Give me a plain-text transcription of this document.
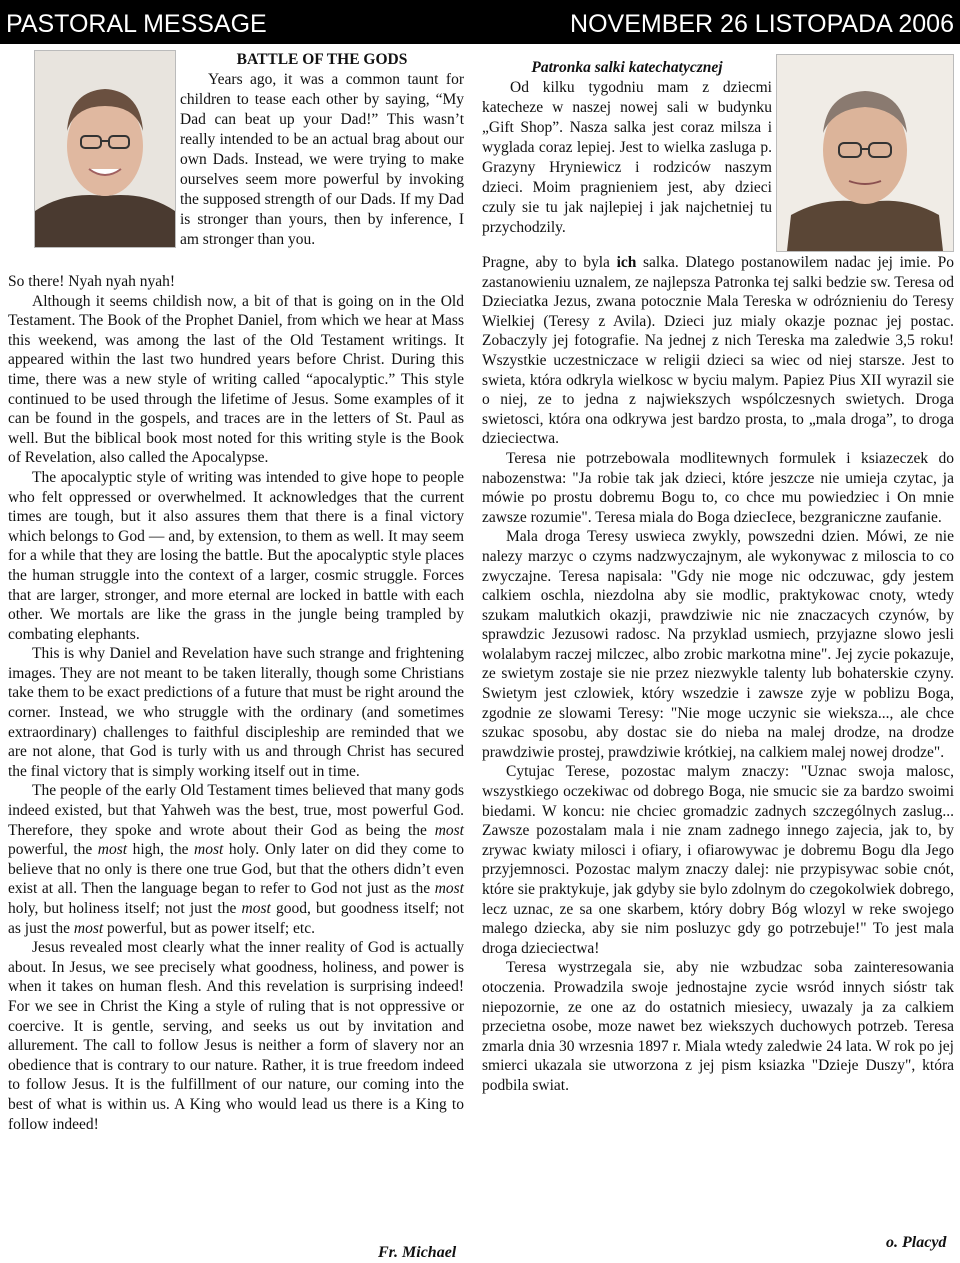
PASTORAL MESSAGE	NOVEMBER 26 LISTOPADA 2006
BATTLE OF THE GODS

Years ago, it was a common taunt for children to tease each other by saying, “My Dad can beat up your Dad!” This wasn’t really intended to be an actual brag about our own Dads. Instead, we were trying to make ourselves seem more powerful by invoking the supposed strength of our Dads. If my Dad is stronger than yours, then by inference, I am stronger than you.

Patronka salki katechatycznej

Od kilku tygodniu mam z dziecmi katecheze w naszej nowej sali w budynku „Gift Shop”. Nasza salka jest coraz milsza i wyglada coraz lepiej. Jest to wielka zasluga p. Grazyny Hryniewicz i rodziców naszym dzieci. Moim pragnieniem jest, aby dzieci czuly sie tu jak najlepiej i jak najchetniej tu przychodzily.

So there! Nyah nyah nyah!

Although it seems childish now, a bit of that is going on in the Old Testament. The Book of the Prophet Daniel, from which we hear at Mass this weekend, was among the last of the Old Testament writings. It appeared within the last two hundred years before Christ. During this time, there was a new style of writing called “apocalyptic.” This style continued to be used through the lifetime of Jesus. Some examples of it can be found in the gospels, and traces are in the letters of St. Paul as well. But the biblical book most noted for this writing style is the Book of Revelation, also called the Apocalypse.

The apocalyptic style of writing was intended to give hope to people who felt oppressed or overwhelmed. It acknowledges that the current times are tough, but it also assures them that there is a final victory which belongs to God — and, by extension, to them as well. It may seem for a while that they are losing the battle. But the apocalyptic style places the human struggle into the context of a larger, cosmic struggle. Forces that are larger, stronger, and more eternal are locked in battle with each other. We mortals are like the grass in the jungle being trampled by combating elephants.

This is why Daniel and Revelation have such strange and frightening images. They are not meant to be taken literally, though some Christians take them to be exact predictions of a future that must be right around the corner. Instead, we who struggle with the ordinary (and sometimes extraordinary) challenges to faithful discipleship are reminded that we are not alone, that God is turly with us and through Christ has secured the final victory that is simply working itself out in time.

The people of the early Old Testament times believed that many gods indeed existed, but that Yahweh was the best, true, most powerful God. Therefore, they spoke and wrote about their God as being the most powerful, the most high, the most holy. Only later on did they come to believe that no only is there one true God, but that the others didn’t even exist at all. Then the language began to refer to God not just as the most holy, but holiness itself; not just the most good, but goodness itself; not as just the most powerful, but as power itself; etc.

Jesus revealed most clearly what the inner reality of God is actually about. In Jesus, we see precisely what goodness, holiness, and power is when it takes on human flesh. And this revelation is surprising indeed! For we see in Christ the King a style of ruling that is not oppressive or coercive. It is gentle, serving, and seeks us out by invitation and allurement. The call to follow Jesus is neither a form of slavery nor an obedience that is contrary to our nature. Rather, it is true freedom indeed to follow Jesus. It is the fulfillment of our nature, our coming into the best of what is within us. A King who would lead us there is a King to follow indeed!

Fr. Michael

Pragne, aby to byla ich salka. Dlatego postanowilem nadac jej imie. Po zastanowieniu uznalem, ze najlepsza Patronka tej salki bedzie sw. Teresa od Dzieciatka Jezus, zwana potocznie Mala Tereska w odróznieniu do Teresy Wielkiej (Teresy z Avila). Dzieci juz mialy okazje poznac jej postac. Zobaczyly jej fotografie. Na jednej z nich Tereska ma zaledwie 3,5 roku! Wszystkie uczestniczace w religii dzieci sa wiec od niej starsze. Jest to swieta, która odkryla wielkosc w byciu malym. Papiez Pius XII wyrazil sie o niej, ze to jedna z najwiekszych wspólczesnych swietych. Droga swietosci, która ona odkrywa jest bardzo prosta, to „mala droga”, to droga dzieciectwa.

Teresa nie potrzebowala modlitewnych formulek i ksiazeczek do nabozenstwa: "Ja robie tak jak dzieci, które jeszcze nie umieja czytac, ja mówie po prostu dobremu Bogu to, co chce mu powiedziec i On mnie zawsze rozumie". Teresa miala do Boga dziecIece, bezgraniczne zaufanie.

Mala droga Teresy uswieca zwykly, powszedni dzien. Mówi, ze nie nalezy marzyc o czyms nadzwyczajnym, ale wykonywac z miloscia to co zwyczajne. Teresa napisala: "Gdy nie moge nic odczuwac, gdy jestem calkiem oschla, niezdolna aby sie modlic, praktykowac cnoty, wtedy szukam malutkich okazji, prawdziwie nic nie znaczacych czynów, by sprawdzic Jezusowi radosc. Na przyklad usmiech, przyjazne slowo jesli wolalabym raczej milczec, albo zrobic markotna mine". Jej zycie pokazuje, ze swietym zostaje sie nie przez niezwykle talenty lub bohaterskie czyny. Swietym jest czlowiek, który wszedzie i zawsze zyje w poblizu Boga, zgodnie ze slowami Teresy: "Nie moge uczynic sie wieksza..., ale chce szukac sposobu, aby dostac sie do nieba na malej drodze, na drodze prawdziwie prostej, prawdziwie krótkiej, na calkiem malej nowej drodze".

Cytujac Terese, pozostac malym znaczy: "Uznac swoja malosc, wszystkiego oczekiwac od dobrego Boga, nie smucic sie za bardzo swoimi biedami. W koncu: nie chciec gromadzic zadnych szczególnych zaslug... Zawsze pozostalam mala i nie znam zadnego innego zajecia, jak to, by zrywac kwiaty milosci i ofiary, i ofiarowywac je dobremu Bogu dla Jego przyjemnosci. Pozostac malym znaczy dalej: nie przypisywac sobie cnót, które sie praktykuje, jak gdyby sie bylo zdolnym do czegokolwiek dobrego, lecz uznac, ze sa one skarbem, który dobry Bóg wlozyl w reke swojego malego dziecka, aby sie nim posluzyc gdy go potrzebuje!" To jest mala droga dzieciectwa!

Teresa wystrzegala sie, aby nie wzbudzac soba zainteresowania otoczenia. Prowadzila swoje jednostajne zycie wsród innych sióstr tak niepozornie, ze one az do ostatnich miesiecy, uwazaly ja za calkiem przecietna osobe, moze nawet bez wiekszych duchowych potrzeb. Teresa zmarla dnia 30 wrzesnia 1897 r. Miala wtedy zaledwie 24 lata. W rok po jej smierci ukazala sie utworzona z jej pism ksiazka "Dzieje Duszy", która podbila swiat.

o. Placyd
